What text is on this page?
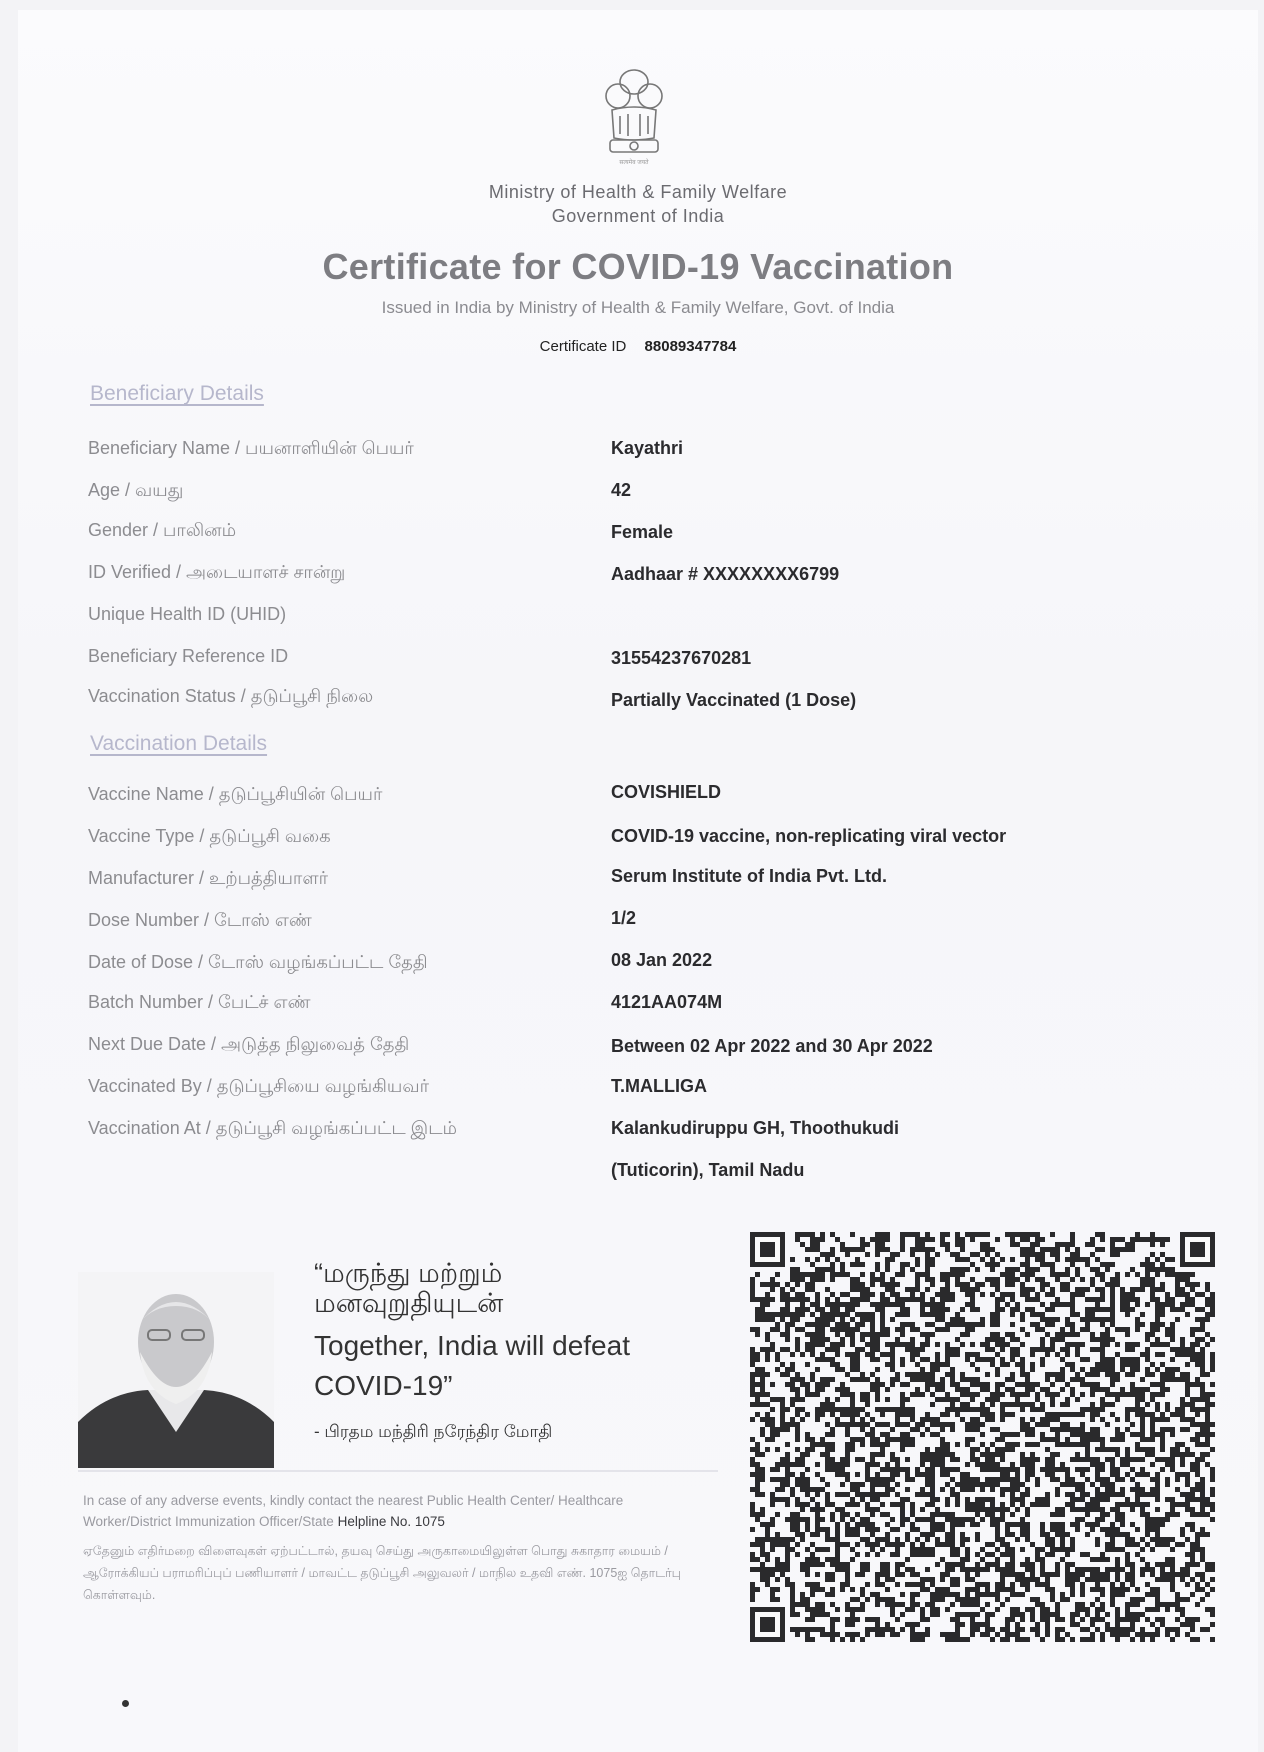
सत्यमेव जयते
Ministry of Health & Family Welfare
Government of India
Certificate for COVID-19 Vaccination
Issued in India by Ministry of Health & Family Welfare, Govt. of India
Certificate ID 88089347784
Beneficiary Details
Beneficiary Name / பயனாளியின் பெயர்	Kayathri
Age / வயது	42
Gender / பாலினம்	Female
ID Verified / அடையாளச் சான்று	Aadhaar # XXXXXXXX6799
Unique Health ID (UHID)
Beneficiary Reference ID	31554237670281
Vaccination Status / தடுப்பூசி நிலை	Partially Vaccinated (1 Dose)
Vaccination Details
Vaccine Name / தடுப்பூசியின் பெயர்	COVISHIELD
Vaccine Type / தடுப்பூசி வகை	COVID-19 vaccine, non-replicating viral vector
Manufacturer / உற்பத்தியாளர்	Serum Institute of India Pvt. Ltd.
Dose Number / டோஸ் எண்	1/2
Date of Dose / டோஸ் வழங்கப்பட்ட தேதி	08 Jan 2022
Batch Number / பேட்ச் எண்	4121AA074M
Next Due Date / அடுத்த நிலுவைத் தேதி	Between 02 Apr 2022 and 30 Apr 2022
Vaccinated By / தடுப்பூசியை வழங்கியவர்	T.MALLIGA
Vaccination At / தடுப்பூசி வழங்கப்பட்ட இடம்	Kalankudiruppu GH, Thoothukudi
(Tuticorin), Tamil Nadu
“மருந்து மற்றும்
மனவுறுதியுடன்
Together, India will defeat
COVID-19”
- பிரதம மந்திரி நரேந்திர மோதி
In case of any adverse events, kindly contact the nearest Public Health Center/ Healthcare Worker/District Immunization Officer/State Helpline No. 1075
ஏதேனும் எதிர்மறை விளைவுகள் ஏற்பட்டால், தயவு செய்து அருகாமையிலுள்ள பொது சுகாதார மையம் / ஆரோக்கியப் பராமரிப்புப் பணியாளர் / மாவட்ட தடுப்பூசி அலுவலர் / மாநில உதவி எண். 1075ஐ தொடர்பு கொள்ளவும்.
